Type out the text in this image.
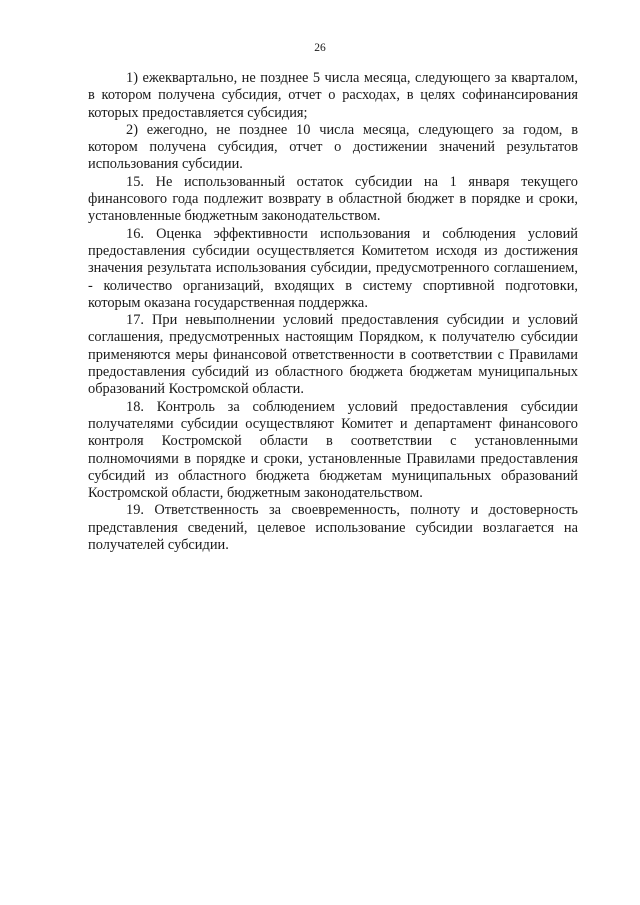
26

1) ежеквартально, не позднее 5 числа месяца, следующего за кварталом, в котором получена субсидия, отчет о расходах, в целях софинансирования которых предоставляется субсидия;

2) ежегодно, не позднее 10 числа месяца, следующего за годом, в котором получена субсидия, отчет о достижении значений результатов использования субсидии.

15. Не использованный остаток субсидии на 1 января текущего финансового года подлежит возврату в областной бюджет в порядке и сроки, установленные бюджетным законодательством.

16. Оценка эффективности использования и соблюдения условий предоставления субсидии осуществляется Комитетом исходя из достижения значения результата использования субсидии, предусмотренного соглашением, - количество организаций, входящих в систему спортивной подготовки, которым оказана государственная поддержка.

17. При невыполнении условий предоставления субсидии и условий соглашения, предусмотренных настоящим Порядком, к получателю субсидии применяются меры финансовой ответственности в соответствии с Правилами предоставления субсидий из областного бюджета бюджетам муниципальных образований Костромской области.

18. Контроль за соблюдением условий предоставления субсидии получателями субсидии осуществляют Комитет и департамент финансового контроля Костромской области в соответствии с установленными полномочиями в порядке и сроки, установленные Правилами предоставления субсидий из областного бюджета бюджетам муниципальных образований Костромской области, бюджетным законодательством.

19. Ответственность за своевременность, полноту и достоверность представления сведений, целевое использование субсидии возлагается на получателей субсидии.
